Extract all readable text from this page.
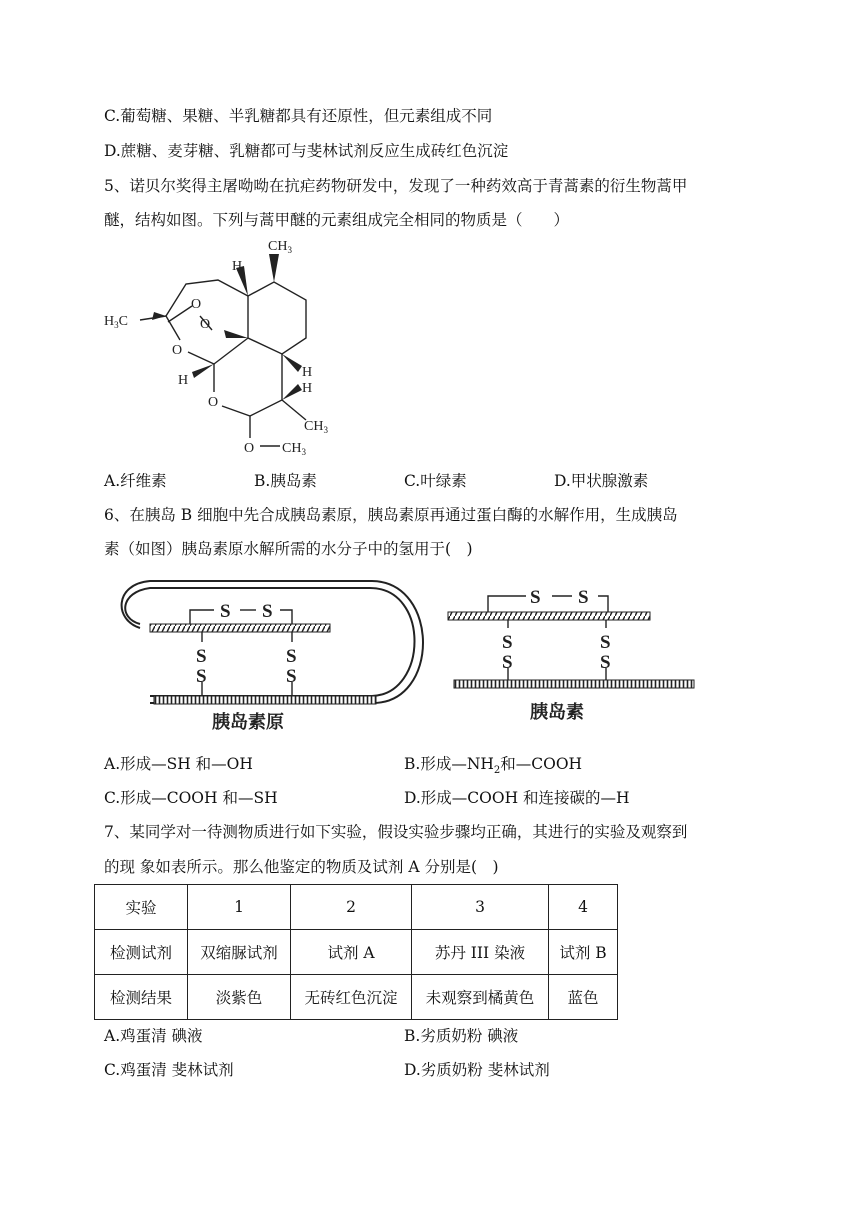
C.葡萄糖、果糖、半乳糖都具有还原性，但元素组成不同
D.蔗糖、麦芽糖、乳糖都可与斐林试剂反应生成砖红色沉淀
5、诺贝尔奖得主屠呦呦在抗疟药物研发中，发现了一种药效高于青蒿素的衍生物蒿甲
醚，结构如图。下列与蒿甲醚的元素组成完全相同的物质是（　　）
$CH_3$
H
$H_3C$
O
O
O
H
O
H
H
$CH_3$
O $CH_3$
A.纤维素	B.胰岛素	C.叶绿素	D.甲状腺激素
6、在胰岛 B 细胞中先合成胰岛素原，胰岛素原再通过蛋白酶的水解作用，生成胰岛
素（如图）胰岛素原水解所需的水分子中的氢用于(　)
S S
S
S
S
S
胰岛素原
S S
S
S
S
S
胰岛素
A.形成—SH 和—OH	B.形成$—NH_2$和—COOH
C.形成—COOH 和—SH	D.形成—COOH 和连接碳的—H
7、某同学对一待测物质进行如下实验，假设实验步骤均正确，其进行的实验及观察到
的现 象如表所示。那么他鉴定的物质及试剂 A 分别是(　)
实验	1	2	3	4
检测试剂	双缩脲试剂	试剂 A	苏丹 III 染液	试剂 B
检测结果	淡紫色	无砖红色沉淀	未观察到橘黄色	蓝色
A.鸡蛋清 碘液	B.劣质奶粉 碘液
C.鸡蛋清 斐林试剂	D.劣质奶粉 斐林试剂
